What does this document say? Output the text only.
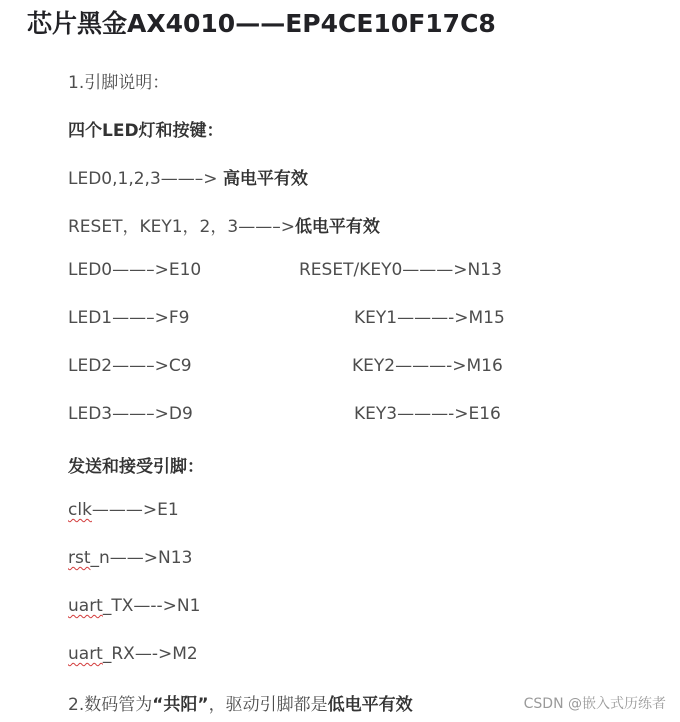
芯片黑金AX4010——EP4CE10F17C8
1.引脚说明：
四个LED灯和按键：
LED0,1,2,3——–> 高电平有效
RESET，KEY1，2，3——–>低电平有效
LED0——–>E10	RESET/KEY0———>N13
LED1——–>F9	KEY1———->M15
LED2——–>C9	KEY2———->M16
LED3——–>D9	KEY3———->E16
发送和接受引脚：
clk———>E1
rst_n——>N13
uart_TX—-->N1
uart_RX—->M2
2.数码管为“共阳”，驱动引脚都是低电平有效	CSDN @嵌入式历练者
